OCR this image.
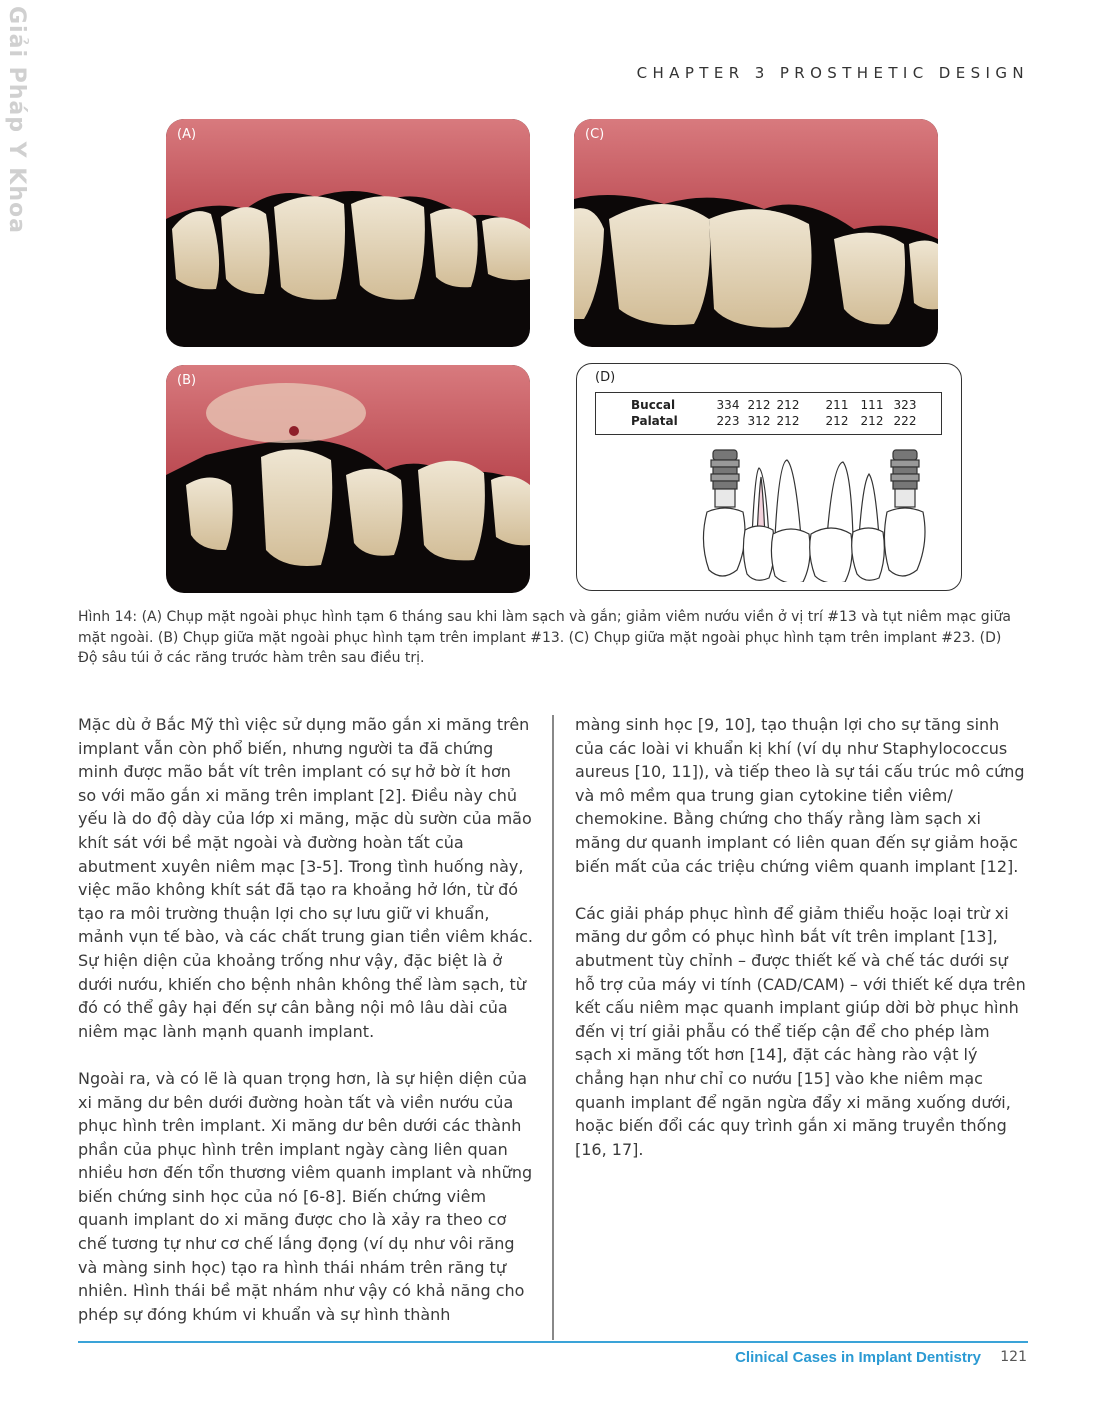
Giải Pháp Y Khoa	CHAPTER 3 PROSTHETIC DESIGN
(A)
(B)
(C)
(D)
Buccal	334 212 212 211 111 323
Palatal	223 312 212 212 212 222
Hình 14: (A) Chụp mặt ngoài phục hình tạm 6 tháng sau khi làm sạch và gắn; giảm viêm nướu viền ở vị trí #13 và tụt niêm mạc giữa mặt ngoài. (B) Chụp giữa mặt ngoài phục hình tạm trên implant #13. (C) Chụp giữa mặt ngoài phục hình tạm trên implant #23. (D) Độ sâu túi ở các răng trước hàm trên sau điều trị.

Mặc dù ở Bắc Mỹ thì việc sử dụng mão gắn xi măng trên implant vẫn còn phổ biến, nhưng người ta đã chứng minh được mão bắt vít trên implant có sự hở bờ ít hơn so với mão gắn xi măng trên implant [2]. Điều này chủ yếu là do độ dày của lớp xi măng, mặc dù sườn của mão khít sát với bề mặt ngoài và đường hoàn tất của abutment xuyên niêm mạc [3-5]. Trong tình huống này, việc mão không khít sát đã tạo ra khoảng hở lớn, từ đó tạo ra môi trường thuận lợi cho sự lưu giữ vi khuẩn, mảnh vụn tế bào, và các chất trung gian tiền viêm khác. Sự hiện diện của khoảng trống như vậy, đặc biệt là ở dưới nướu, khiến cho bệnh nhân không thể làm sạch, từ đó có thể gây hại đến sự cân bằng nội mô lâu dài của niêm mạc lành mạnh quanh implant.

Ngoài ra, và có lẽ là quan trọng hơn, là sự hiện diện của xi măng dư bên dưới đường hoàn tất và viền nướu của phục hình trên implant. Xi măng dư bên dưới các thành phần của phục hình trên implant ngày càng liên quan nhiều hơn đến tổn thương viêm quanh implant và những biến chứng sinh học của nó [6-8]. Biến chứng viêm quanh implant do xi măng được cho là xảy ra theo cơ chế tương tự như cơ chế lắng đọng (ví dụ như vôi răng và màng sinh học) tạo ra hình thái nhám trên răng tự nhiên. Hình thái bề mặt nhám như vậy có khả năng cho phép sự đóng khúm vi khuẩn và sự hình thành

màng sinh học [9, 10], tạo thuận lợi cho sự tăng sinh của các loài vi khuẩn kị khí (ví dụ như Staphylococcus aureus [10, 11]), và tiếp theo là sự tái cấu trúc mô cứng và mô mềm qua trung gian cytokine tiền viêm/ chemokine. Bằng chứng cho thấy rằng làm sạch xi măng dư quanh implant có liên quan đến sự giảm hoặc biến mất của các triệu chứng viêm quanh implant [12].

Các giải pháp phục hình để giảm thiểu hoặc loại trừ xi măng dư gồm có phục hình bắt vít trên implant [13], abutment tùy chỉnh – được thiết kế và chế tác dưới sự hỗ trợ của máy vi tính (CAD/CAM) – với thiết kế dựa trên kết cấu niêm mạc quanh implant giúp dời bờ phục hình đến vị trí giải phẫu có thể tiếp cận để cho phép làm sạch xi măng tốt hơn [14], đặt các hàng rào vật lý chẳng hạn như chỉ co nướu [15] vào khe niêm mạc quanh implant để ngăn ngừa đẩy xi măng xuống dưới, hoặc biến đổi các quy trình gắn xi măng truyền thống [16, 17].

Clinical Cases in Implant Dentistry 121
